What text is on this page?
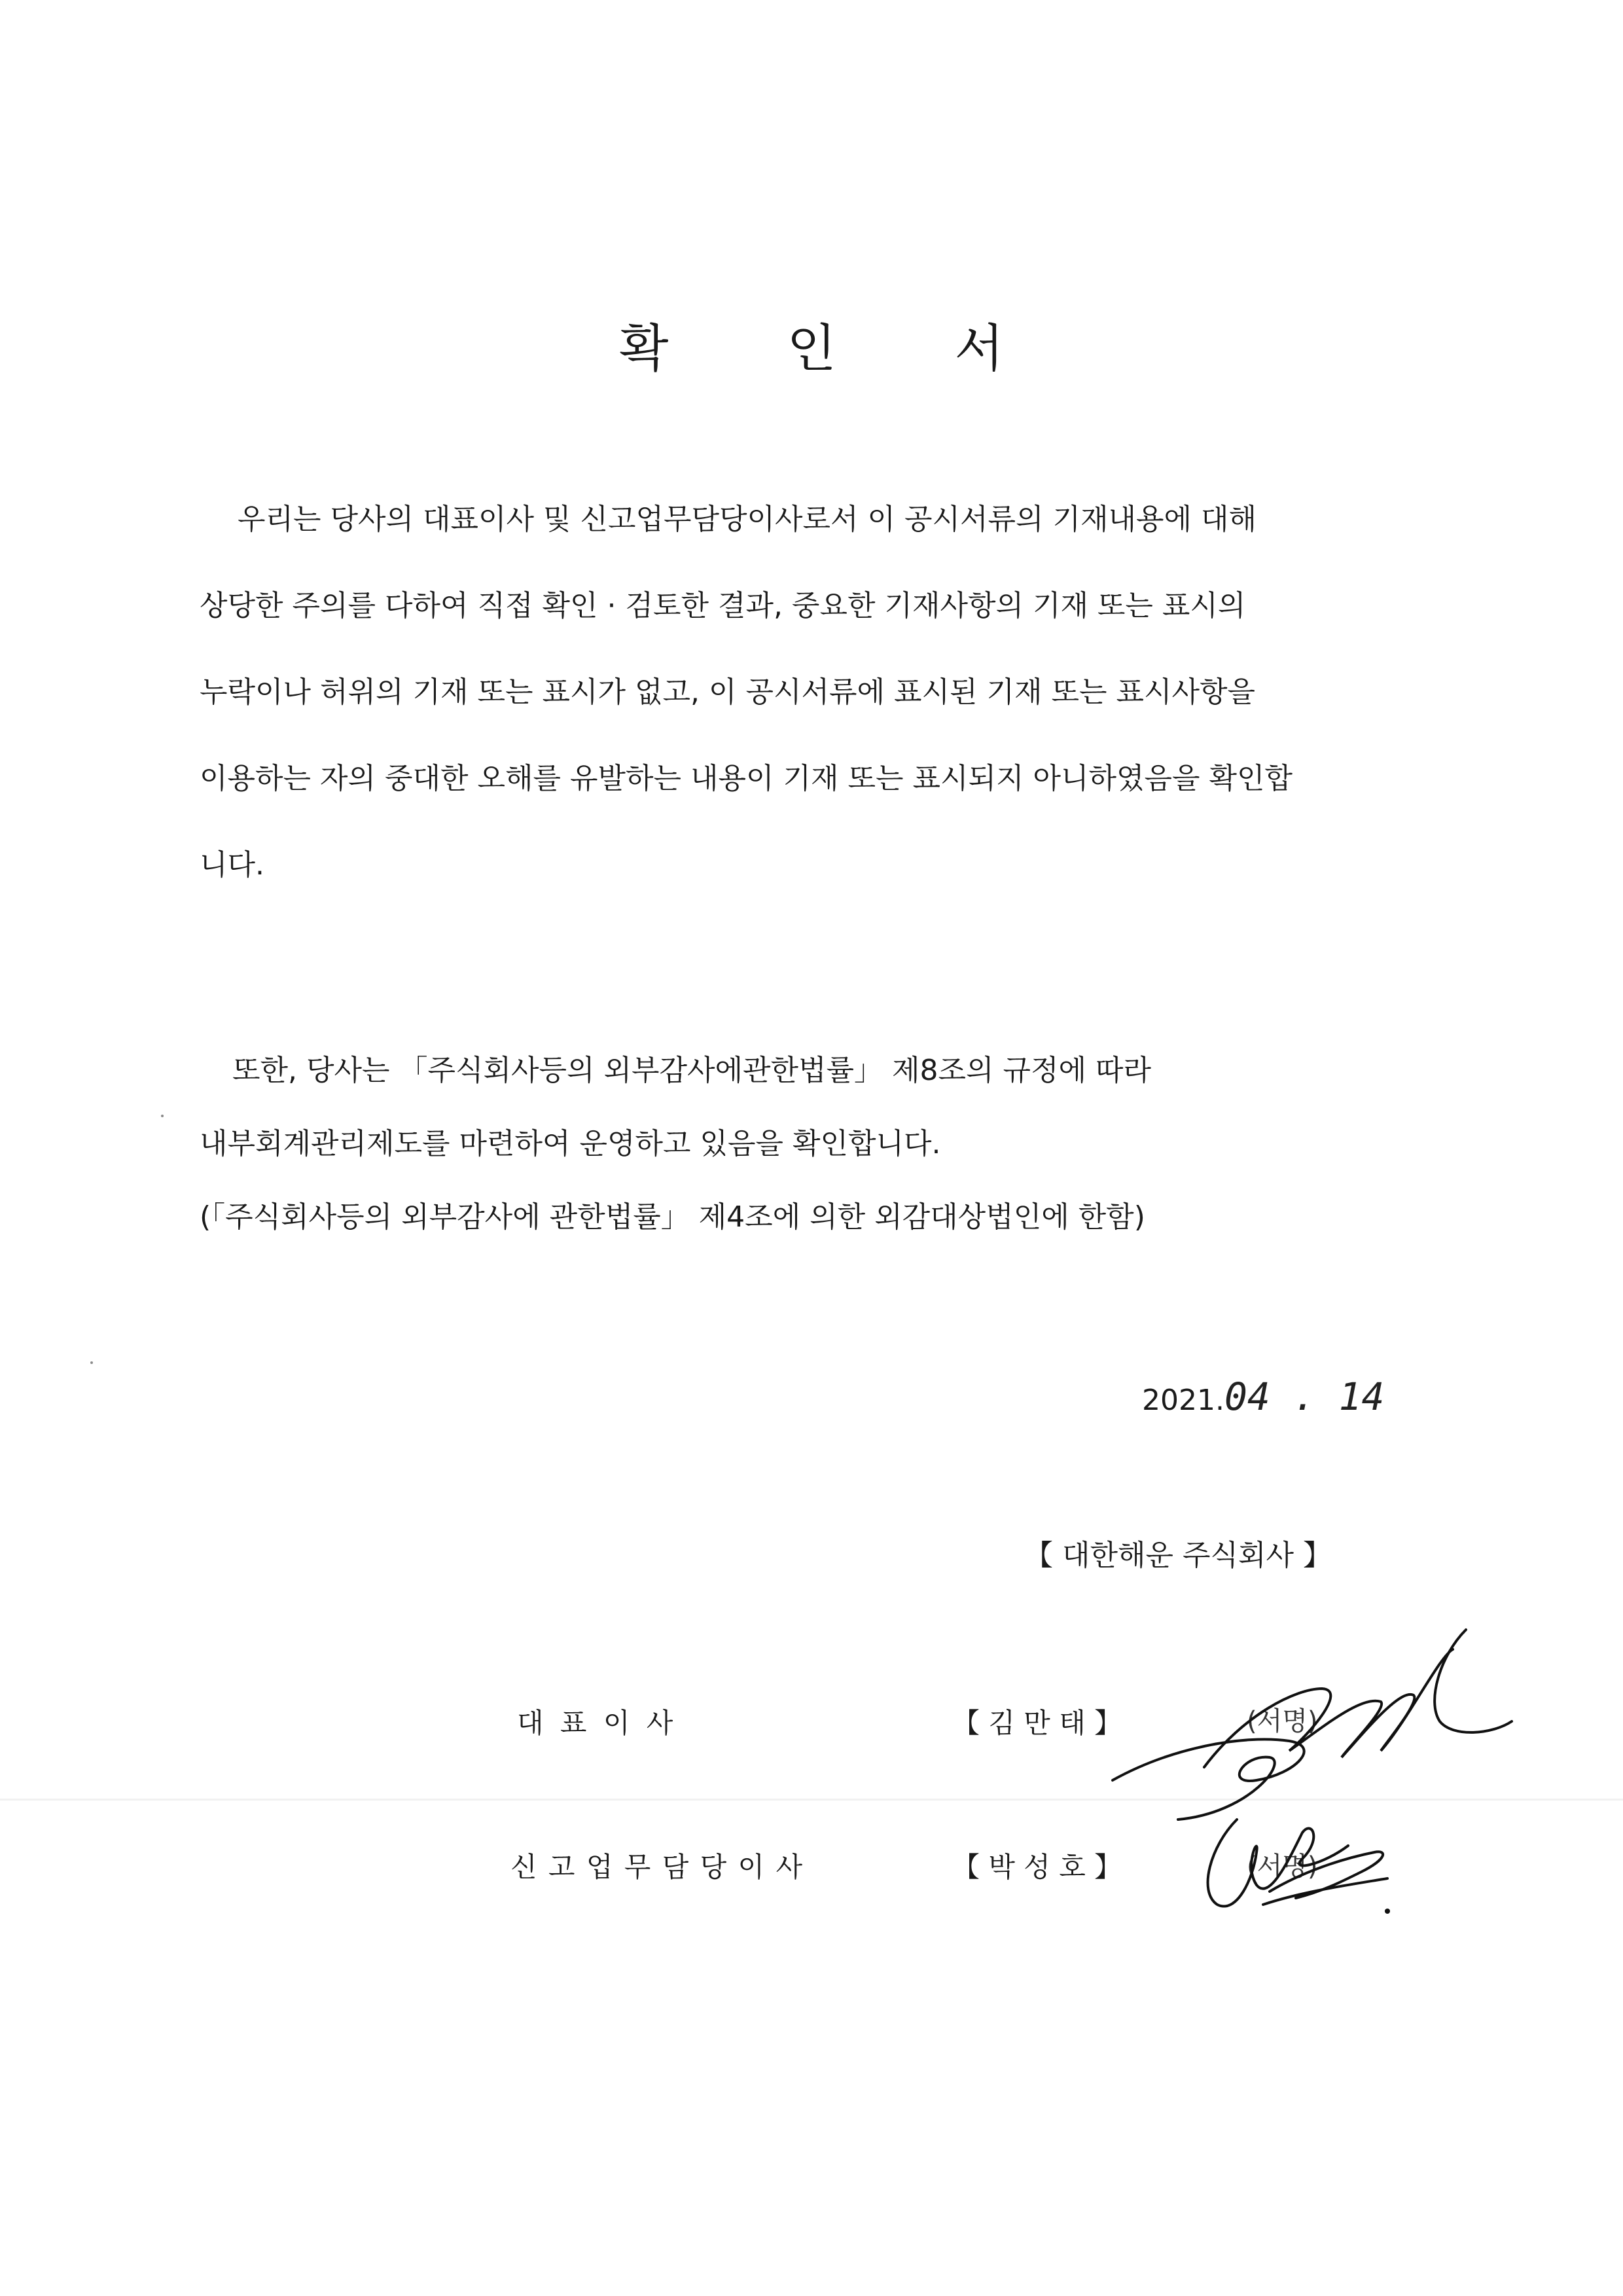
확 인 서
우리는 당사의 대표이사 및 신고업무담당이사로서 이 공시서류의 기재내용에 대해
상당한 주의를 다하여 직접 확인 · 검토한 결과, 중요한 기재사항의 기재 또는 표시의
누락이나 허위의 기재 또는 표시가 없고, 이 공시서류에 표시된 기재 또는 표시사항을
이용하는 자의 중대한 오해를 유발하는 내용이 기재 또는 표시되지 아니하였음을 확인합
니다.
또한, 당사는 「주식회사등의 외부감사에관한법률」 제8조의 규정에 따라
내부회계관리제도를 마련하여 운영하고 있음을 확인합니다.
(「주식회사등의 외부감사에 관한법률」 제4조에 의한 외감대상법인에 한함)
2021.04 . 14
【 대한해운 주식회사 】
대 표 이 사	【 김 만 태 】	(서명)
신 고 업 무 담 당 이 사	【 박 성 호 】	(서명)
